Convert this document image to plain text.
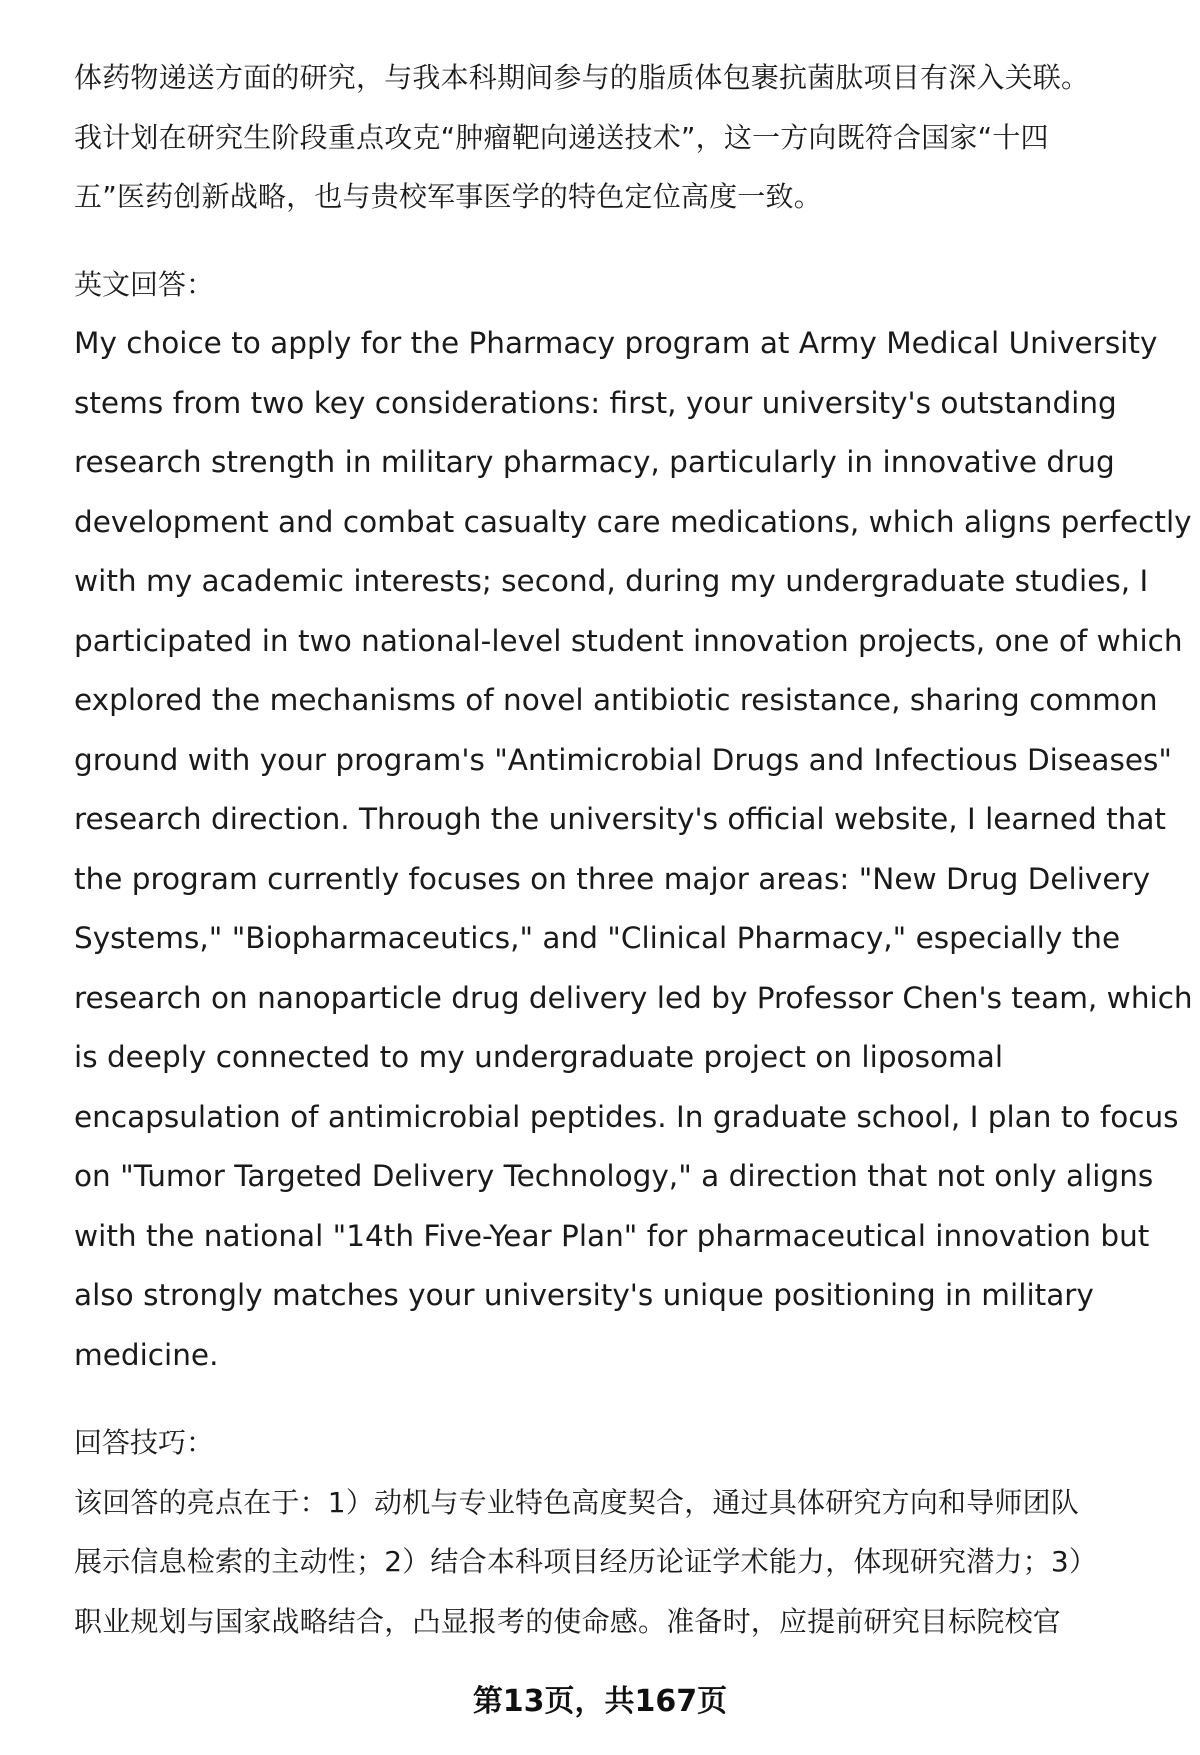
体药物递送方面的研究，与我本科期间参与的脂质体包裹抗菌肽项目有深入关联。
我计划在研究生阶段重点攻克“肿瘤靶向递送技术”，这一方向既符合国家“十四
五”医药创新战略，也与贵校军事医学的特色定位高度一致。
英文回答：
My choice to apply for the Pharmacy program at Army Medical University
stems from two key considerations: first, your university's outstanding
research strength in military pharmacy, particularly in innovative drug
development and combat casualty care medications, which aligns perfectly
with my academic interests; second, during my undergraduate studies, I
participated in two national-level student innovation projects, one of which
explored the mechanisms of novel antibiotic resistance, sharing common
ground with your program's "Antimicrobial Drugs and Infectious Diseases"
research direction. Through the university's official website, I learned that
the program currently focuses on three major areas: "New Drug Delivery
Systems," "Biopharmaceutics," and "Clinical Pharmacy," especially the
research on nanoparticle drug delivery led by Professor Chen's team, which
is deeply connected to my undergraduate project on liposomal
encapsulation of antimicrobial peptides. In graduate school, I plan to focus
on "Tumor Targeted Delivery Technology," a direction that not only aligns
with the national "14th Five-Year Plan" for pharmaceutical innovation but
also strongly matches your university's unique positioning in military
medicine.
回答技巧：
该回答的亮点在于：1）动机与专业特色高度契合，通过具体研究方向和导师团队
展示信息检索的主动性；2）结合本科项目经历论证学术能力，体现研究潜力；3）
职业规划与国家战略结合，凸显报考的使命感。准备时，应提前研究目标院校官
第13页，共167页
